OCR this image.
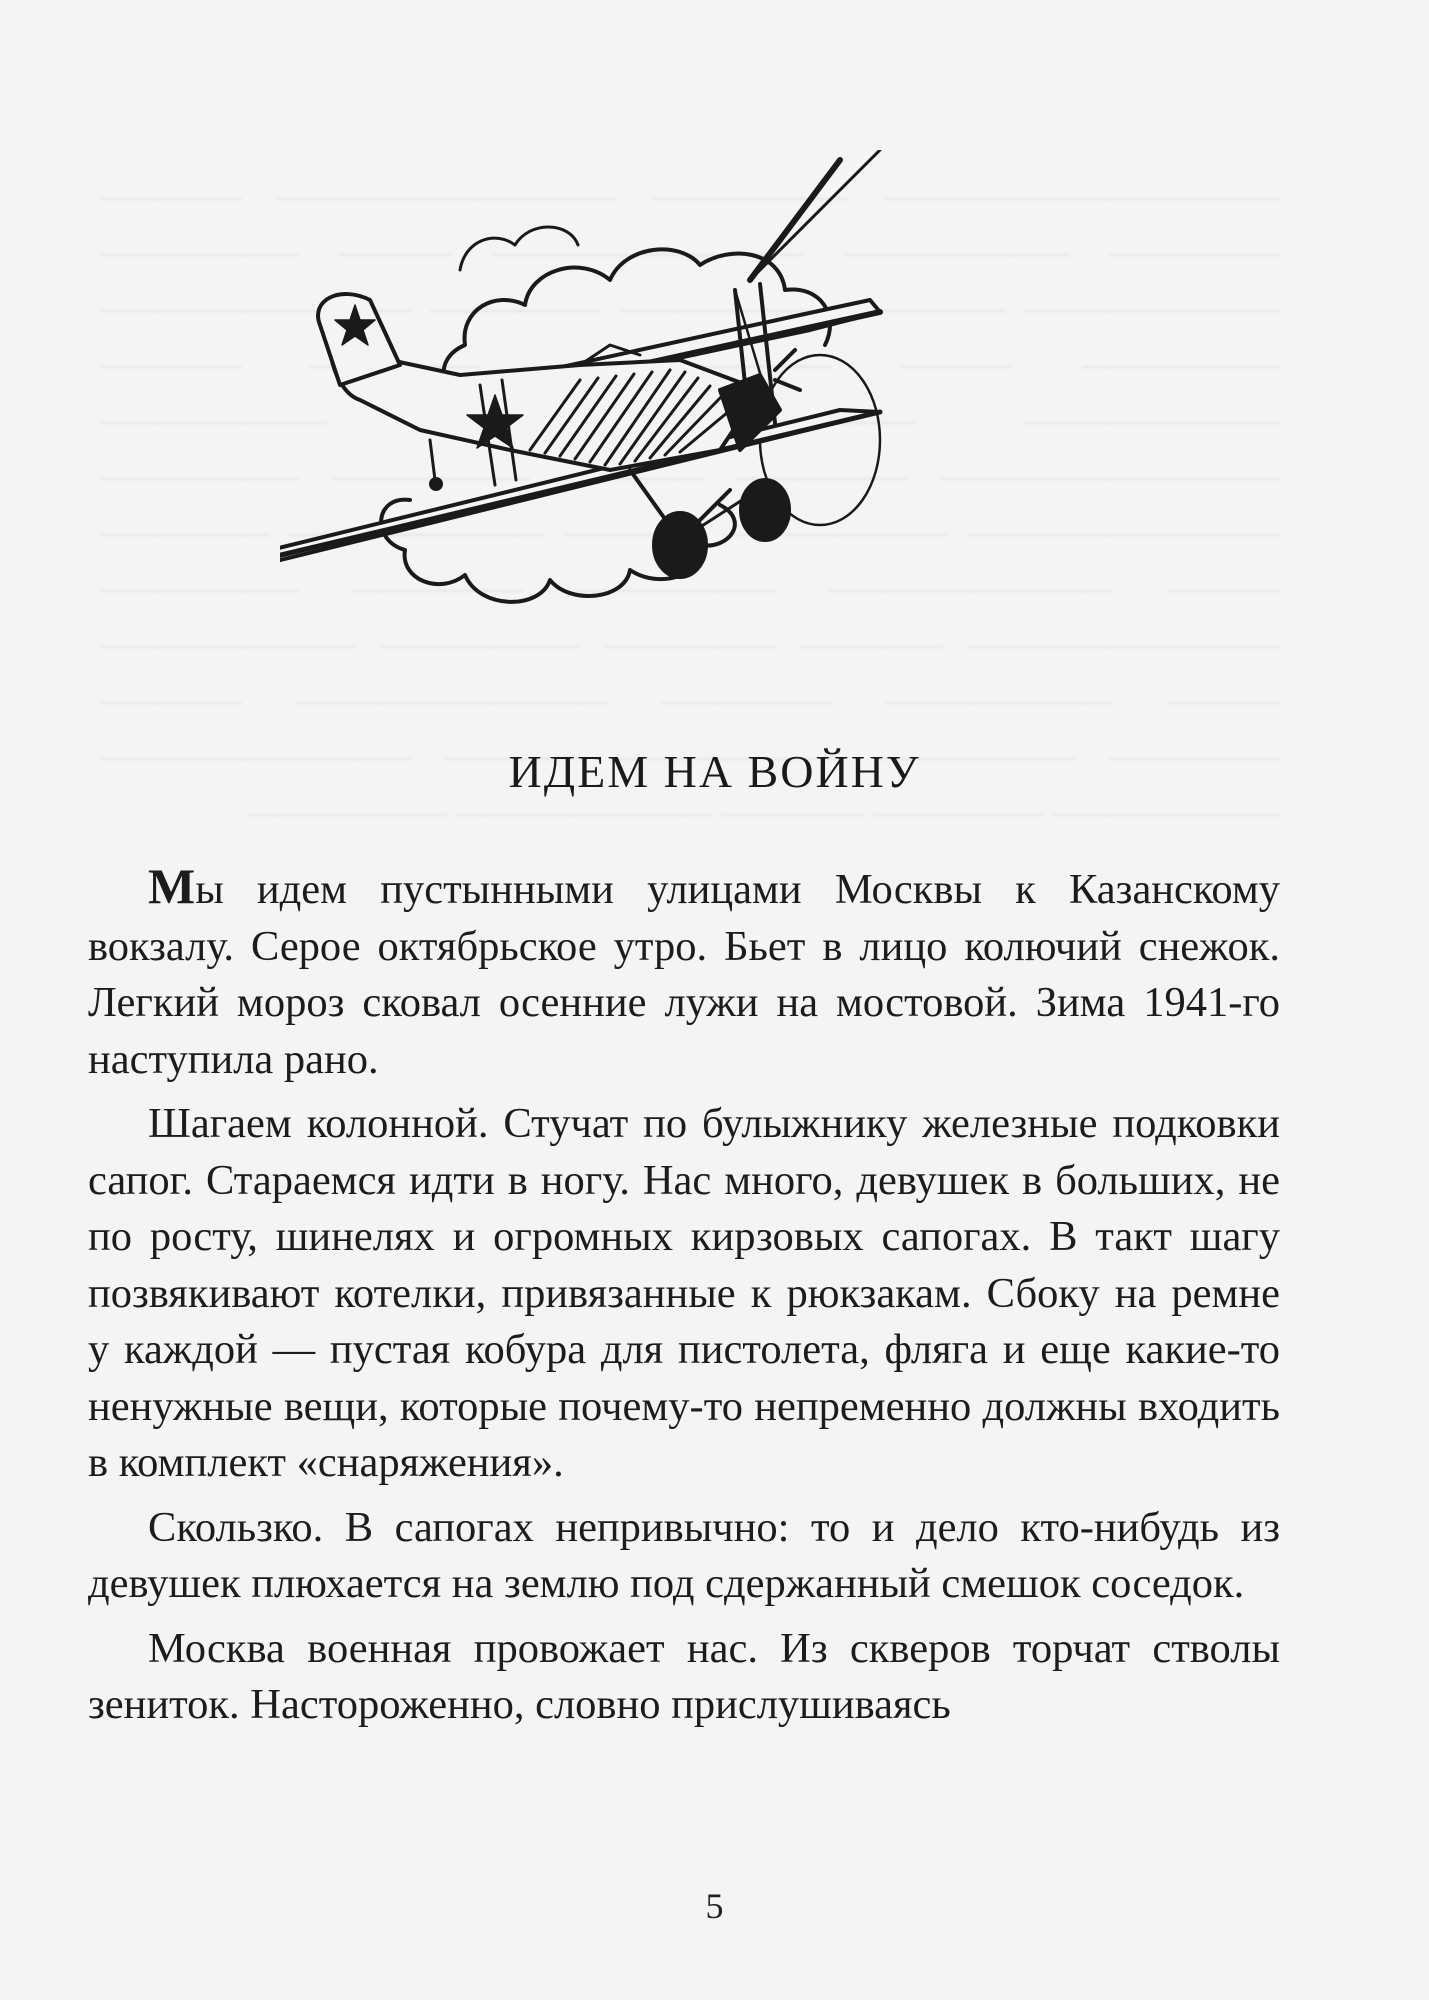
ИДЕМ НА ВОЙНУ

Мы идем пустынными улицами Москвы к Казанскому вокзалу. Серое октябрьское утро. Бьет в лицо колючий снежок. Легкий мороз сковал осенние лужи на мостовой. Зима 1941-го наступила рано.

Шагаем колонной. Стучат по булыжнику железные подковки сапог. Стараемся идти в ногу. Нас много, девушек в больших, не по росту, шинелях и огромных кирзовых сапогах. В такт шагу позвякивают котелки, привязанные к рюкзакам. Сбоку на ремне у каждой — пустая кобура для пистолета, фляга и еще какие-то ненужные вещи, которые почему-то непременно должны входить в комплект «снаряжения».

Скользко. В сапогах непривычно: то и дело кто-нибудь из девушек плюхается на землю под сдержанный смешок соседок.

Москва военная провожает нас. Из скверов торчат стволы зениток. Настороженно, словно прислушиваясь

5
